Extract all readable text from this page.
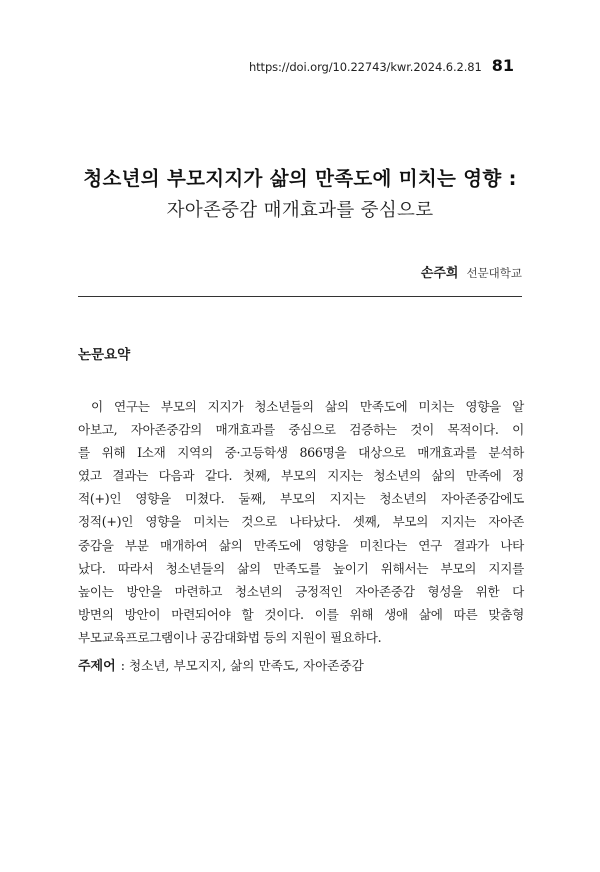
https://doi.org/10.22743/kwr.2024.6.2.81 81
청소년의 부모지지가 삶의 만족도에 미치는 영향 :
자아존중감 매개효과를 중심으로
손주희 선문대학교
논문요약
이 연구는 부모의 지지가 청소년들의 삶의 만족도에 미치는 영향을 알
아보고, 자아존중감의 매개효과를 중심으로 검증하는 것이 목적이다. 이
를 위해 I소재 지역의 중·고등학생 866명을 대상으로 매개효과를 분석하
였고 결과는 다음과 같다. 첫째, 부모의 지지는 청소년의 삶의 만족에 정
적(+)인 영향을 미쳤다. 둘째, 부모의 지지는 청소년의 자아존중감에도
정적(+)인 영향을 미치는 것으로 나타났다. 셋째, 부모의 지지는 자아존
중감을 부분 매개하여 삶의 만족도에 영향을 미친다는 연구 결과가 나타
났다. 따라서 청소년들의 삶의 만족도를 높이기 위해서는 부모의 지지를
높이는 방안을 마련하고 청소년의 긍정적인 자아존중감 형성을 위한 다
방면의 방안이 마련되어야 할 것이다. 이를 위해 생애 삶에 따른 맞춤형
부모교육프로그램이나 공감대화법 등의 지원이 필요하다.
주제어 : 청소년, 부모지지, 삶의 만족도, 자아존중감
